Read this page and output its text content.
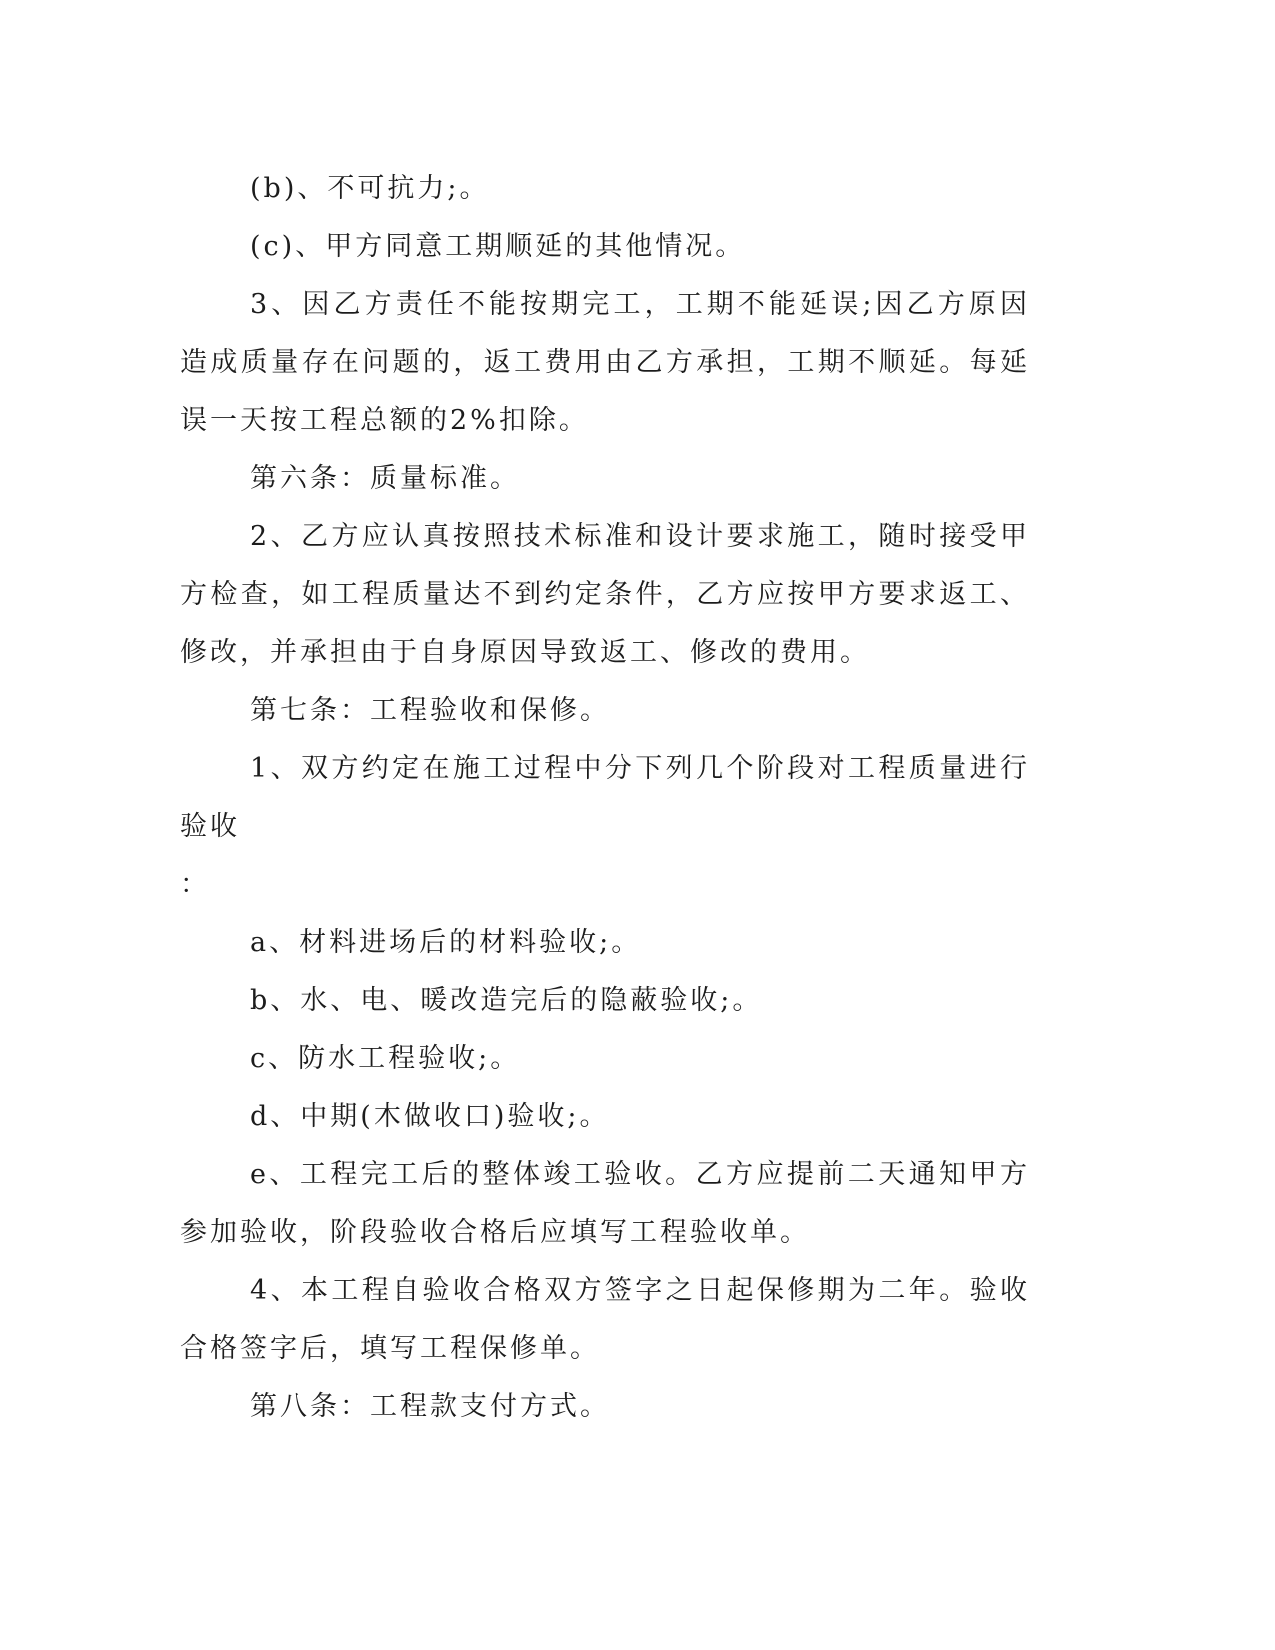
(b)、不可抗力;。

(c)、甲方同意工期顺延的其他情况。

3、因乙方责任不能按期完工，工期不能延误;因乙方原因造成质量存在问题的，返工费用由乙方承担，工期不顺延。每延误一天按工程总额的2%扣除。

第六条：质量标准。

2、乙方应认真按照技术标准和设计要求施工，随时接受甲方检查，如工程质量达不到约定条件，乙方应按甲方要求返工、修改，并承担由于自身原因导致返工、修改的费用。

第七条：工程验收和保修。

1、双方约定在施工过程中分下列几个阶段对工程质量进行验收

：

a、材料进场后的材料验收;。

b、水、电、暖改造完后的隐蔽验收;。

c、防水工程验收;。

d、中期(木做收口)验收;。

e、工程完工后的整体竣工验收。乙方应提前二天通知甲方参加验收，阶段验收合格后应填写工程验收单。

4、本工程自验收合格双方签字之日起保修期为二年。验收合格签字后，填写工程保修单。

第八条：工程款支付方式。
